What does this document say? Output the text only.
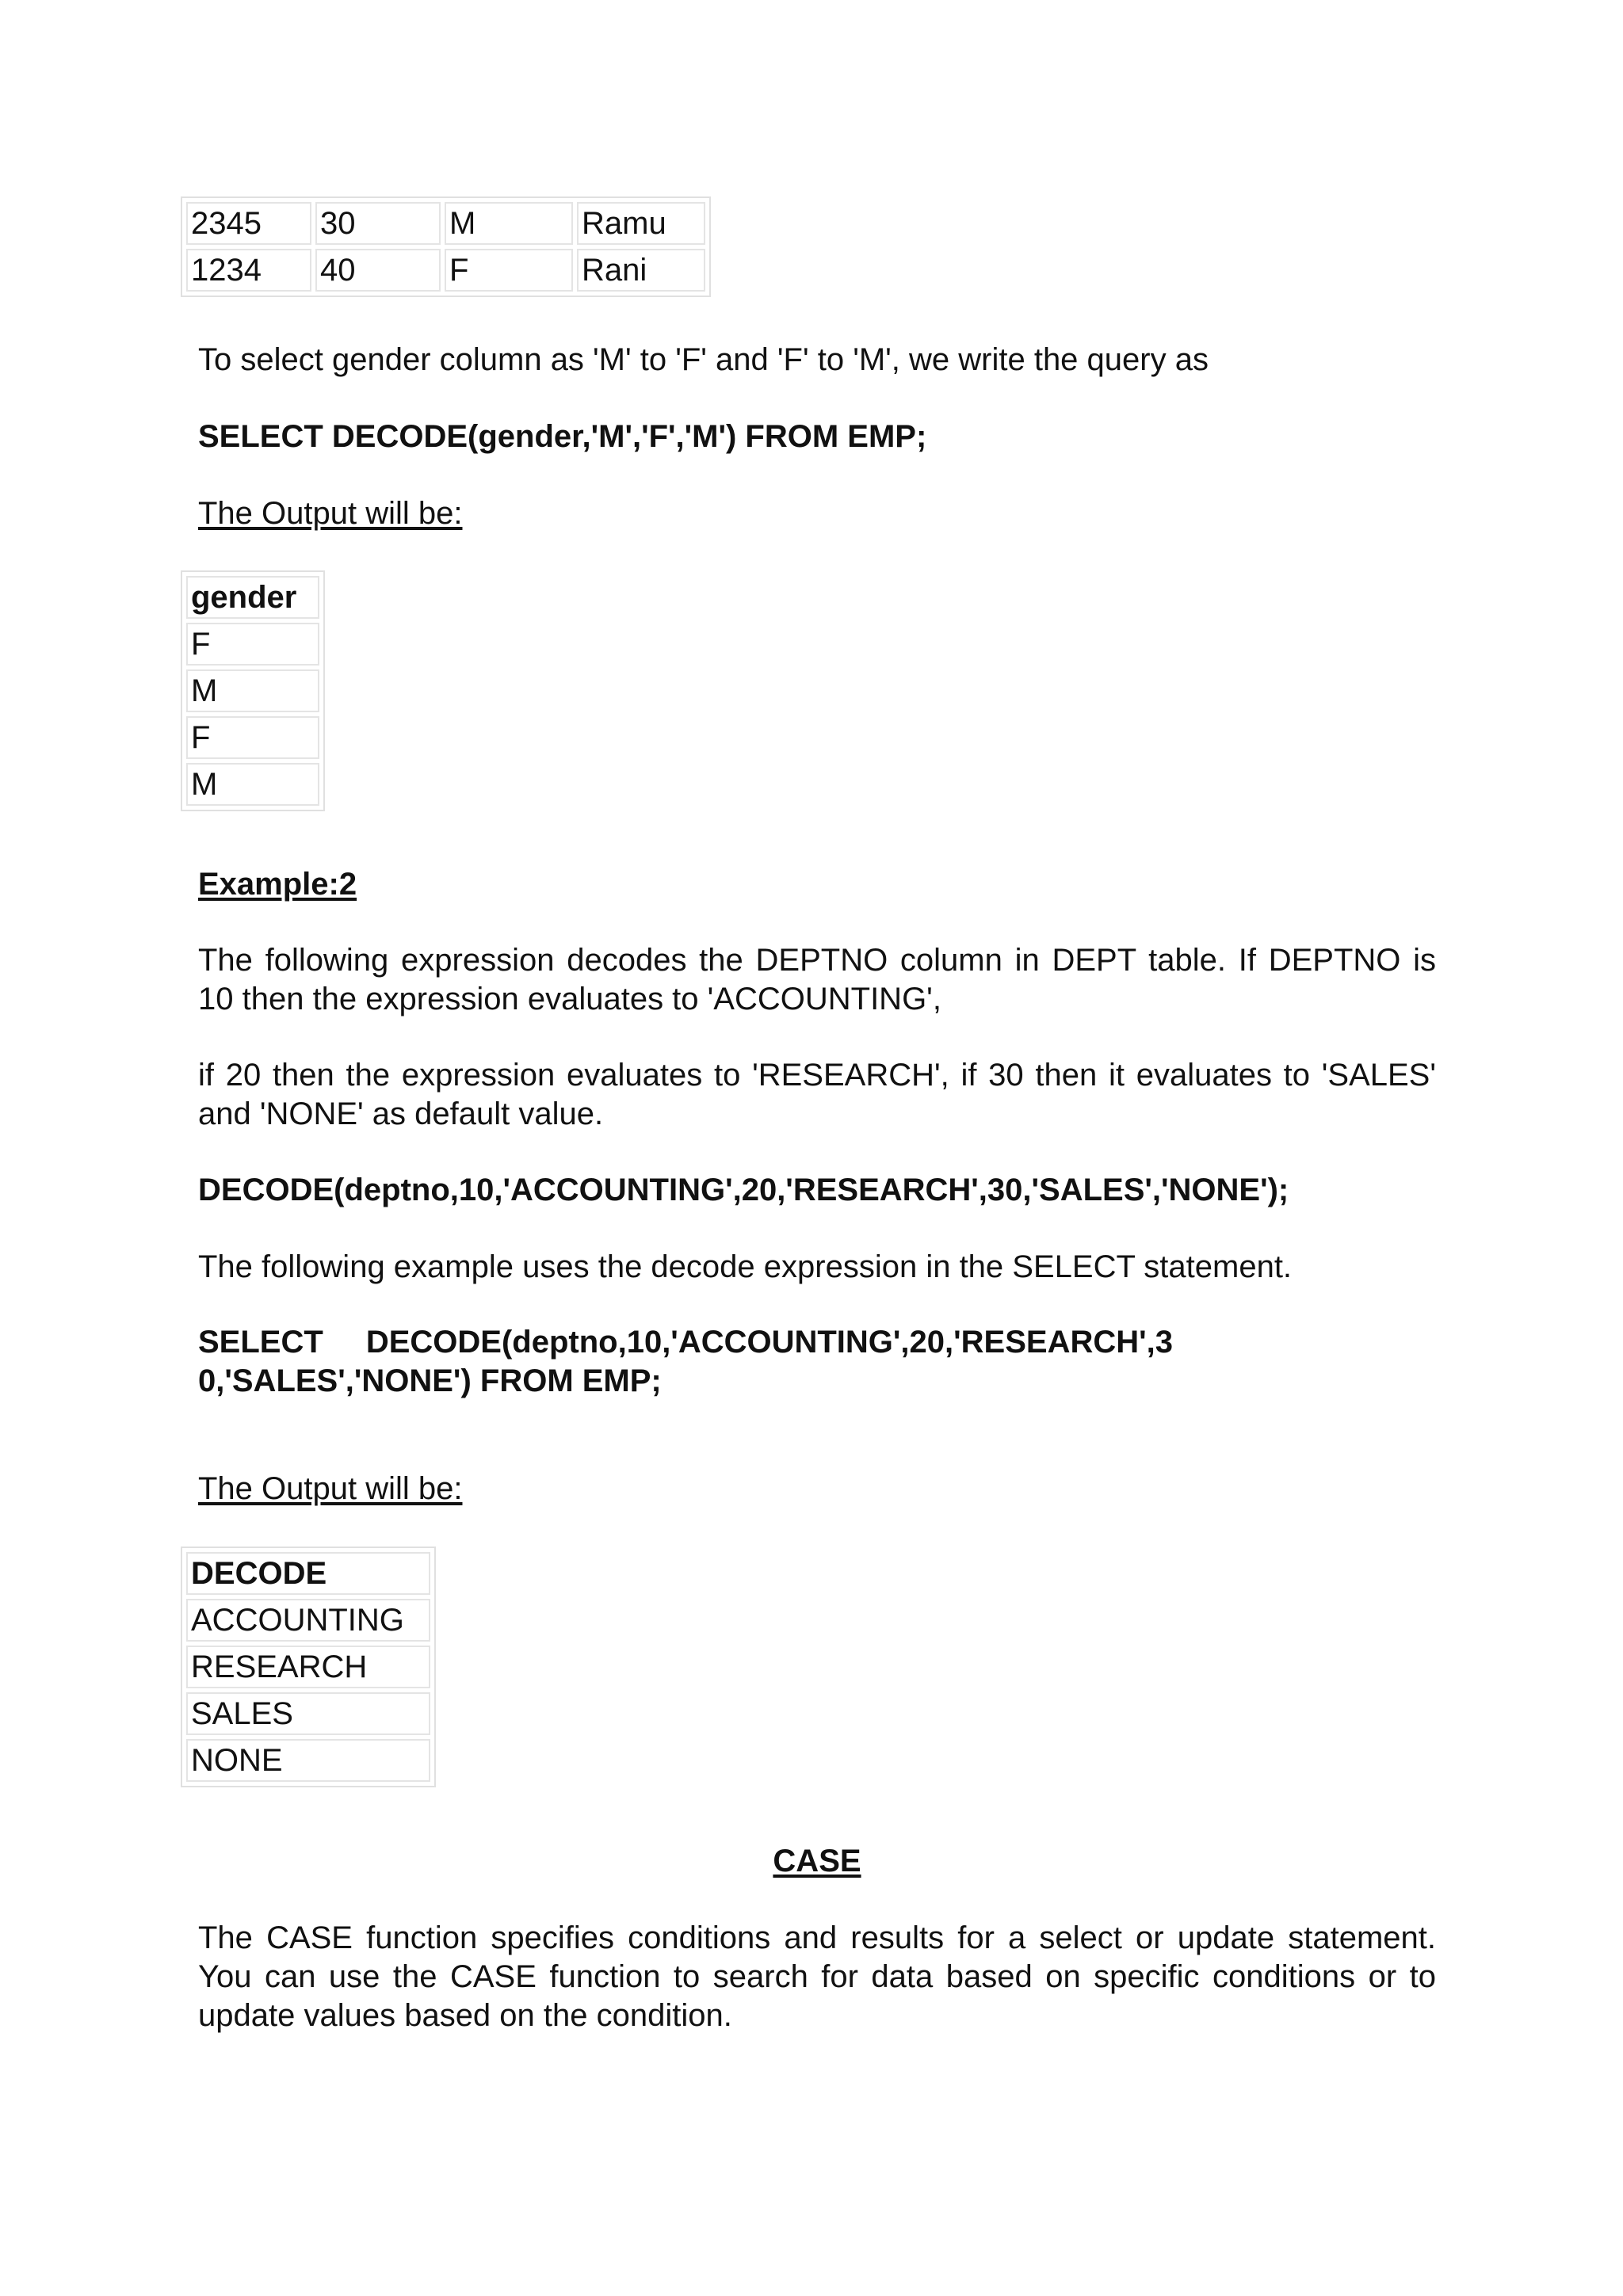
2345	30	M	Ramu
1234	40	F	Rani

To select gender column as 'M' to 'F' and 'F' to 'M', we write the query as

SELECT DECODE(gender,'M','F','M') FROM EMP;

The Output will be:

gender
F
M
F
M

Example:2

The following expression decodes the DEPTNO column in DEPT table. If DEPTNO is 10 then the expression evaluates to 'ACCOUNTING',

if 20 then the expression evaluates to 'RESEARCH', if 30 then it evaluates to 'SALES' and 'NONE' as default value.

DECODE(deptno,10,'ACCOUNTING',20,'RESEARCH',30,'SALES','NONE');

The following example uses the decode expression in the SELECT statement.

SELECT DECODE(deptno,10,'ACCOUNTING',20,'RESEARCH',30,'SALES','NONE') FROM EMP;

The Output will be:

DECODE
ACCOUNTING
RESEARCH
SALES
NONE

CASE

The CASE function specifies conditions and results for a select or update statement. You can use the CASE function to search for data based on specific conditions or to update values based on the condition.
